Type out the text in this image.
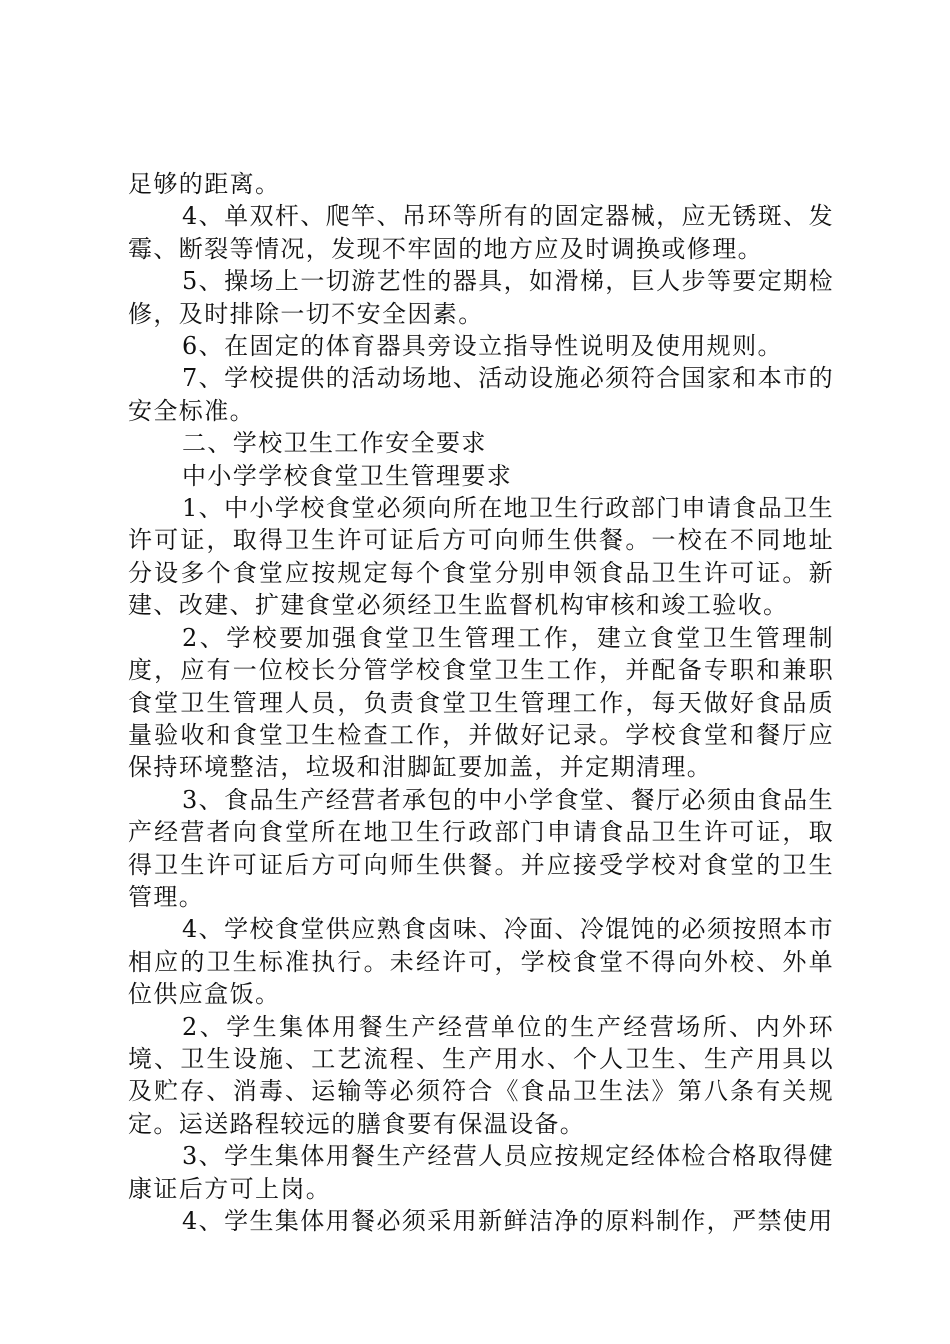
足够的距离。

4、单双杆、爬竿、吊环等所有的固定器械，应无锈斑、发霉、断裂等情况，发现不牢固的地方应及时调换或修理。

5、操场上一切游艺性的器具，如滑梯，巨人步等要定期检修，及时排除一切不安全因素。

6、在固定的体育器具旁设立指导性说明及使用规则。

7、学校提供的活动场地、活动设施必须符合国家和本市的安全标准。

二、学校卫生工作安全要求

中小学学校食堂卫生管理要求

1、中小学校食堂必须向所在地卫生行政部门申请食品卫生许可证，取得卫生许可证后方可向师生供餐。一校在不同地址分设多个食堂应按规定每个食堂分别申领食品卫生许可证。新建、改建、扩建食堂必须经卫生监督机构审核和竣工验收。

2、学校要加强食堂卫生管理工作，建立食堂卫生管理制度，应有一位校长分管学校食堂卫生工作，并配备专职和兼职食堂卫生管理人员，负责食堂卫生管理工作，每天做好食品质量验收和食堂卫生检查工作，并做好记录。学校食堂和餐厅应保持环境整洁，垃圾和泔脚缸要加盖，并定期清理。

3、食品生产经营者承包的中小学食堂、餐厅必须由食品生产经营者向食堂所在地卫生行政部门申请食品卫生许可证，取得卫生许可证后方可向师生供餐。并应接受学校对食堂的卫生管理。

4、学校食堂供应熟食卤味、冷面、冷馄饨的必须按照本市相应的卫生标准执行。未经许可，学校食堂不得向外校、外单位供应盒饭。

2、学生集体用餐生产经营单位的生产经营场所、内外环境、卫生设施、工艺流程、生产用水、个人卫生、生产用具以及贮存、消毒、运输等必须符合《食品卫生法》第八条有关规定。运送路程较远的膳食要有保温设备。

3、学生集体用餐生产经营人员应按规定经体检合格取得健康证后方可上岗。

4、学生集体用餐必须采用新鲜洁净的原料制作，严禁使用
